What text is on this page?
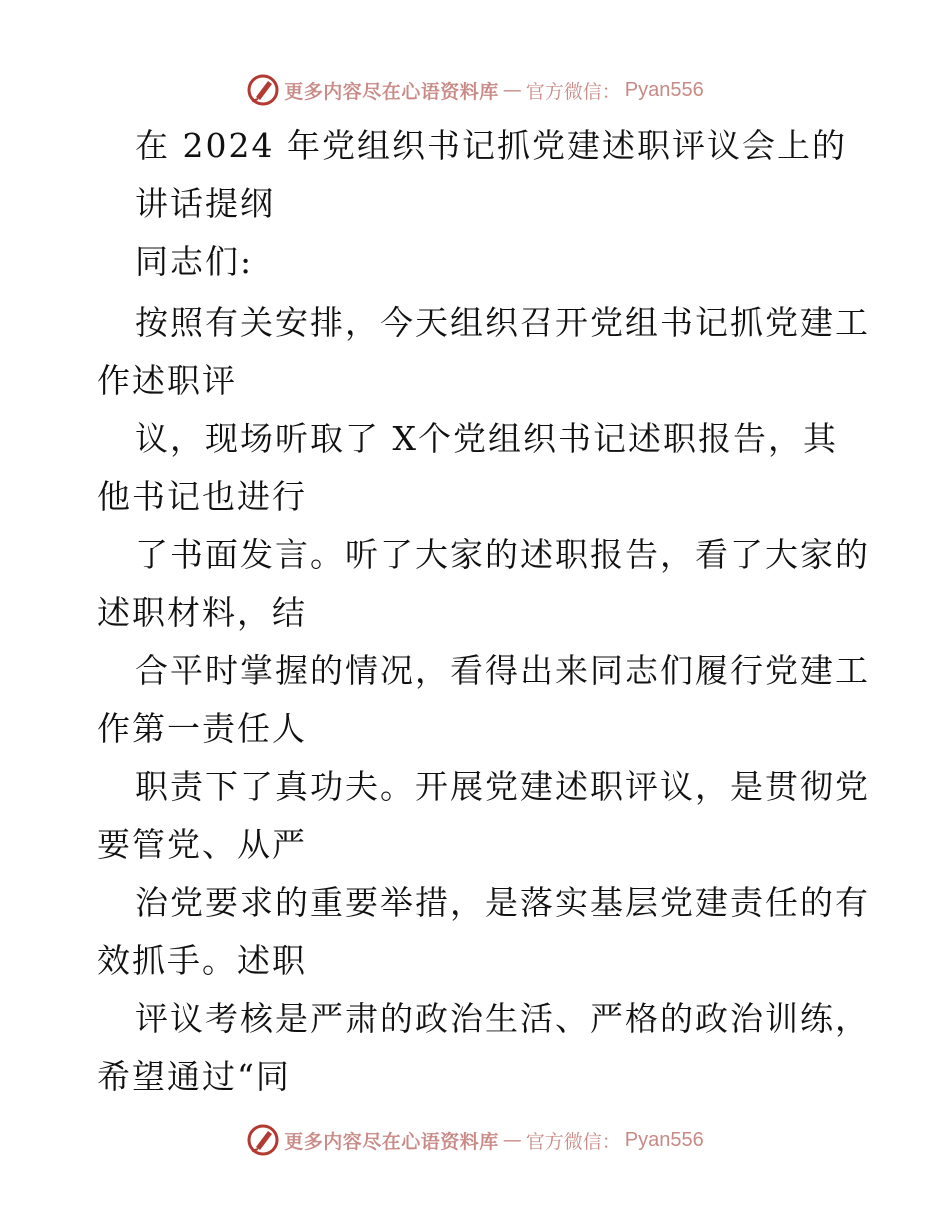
更多内容尽在心语资料库 — 官方微信： Pyan556
在 2024 年党组织书记抓党建述职评议会上的
讲话提纲
同志们:
按照有关安排，今天组织召开党组书记抓党建工
作述职评
议，现场听取了 X个党组织书记述职报告，其
他书记也进行
了书面发言。听了大家的述职报告，看了大家的
述职材料，结
合平时掌握的情况，看得出来同志们履行党建工
作第一责任人
职责下了真功夫。开展党建述职评议，是贯彻党
要管党、从严
治党要求的重要举措，是落实基层党建责任的有
效抓手。述职
评议考核是严肃的政治生活、严格的政治训练，
希望通过“同
更多内容尽在心语资料库 — 官方微信： Pyan556
